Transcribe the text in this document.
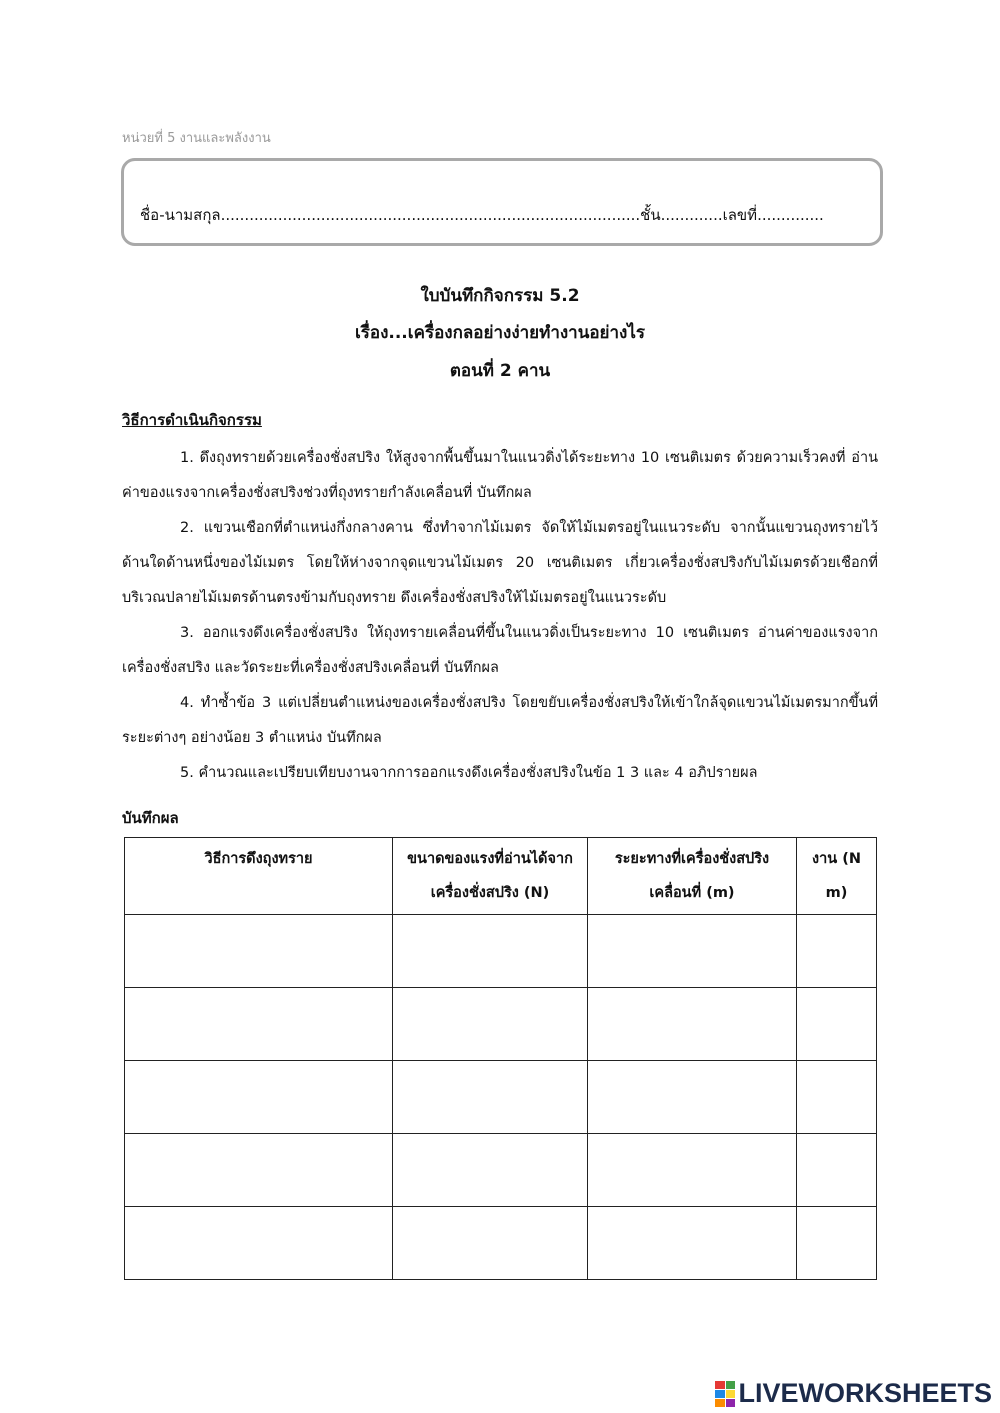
หน่วยที่ 5 งานและพลังงาน
ชื่อ-นามสกุล........................................................................................ชั้น.............เลขที่..............
ใบบันทึกกิจกรรม 5.2
เรื่อง...เครื่องกลอย่างง่ายทำงานอย่างไร
ตอนที่ 2 คาน
วิธีการดำเนินกิจกรรม

1. ดึงถุงทรายด้วยเครื่องชั่งสปริง ให้สูงจากพื้นขึ้นมาในแนวดิ่งได้ระยะทาง 10 เซนติเมตร ด้วยความเร็วคงที่ อ่านค่าของแรงจากเครื่องชั่งสปริงช่วงที่ถุงทรายกำลังเคลื่อนที่ บันทึกผล

2. แขวนเชือกที่ตำแหน่งกึ่งกลางคาน ซึ่งทำจากไม้เมตร จัดให้ไม้เมตรอยู่ในแนวระดับ จากนั้นแขวนถุงทรายไว้ด้านใดด้านหนึ่งของไม้เมตร โดยให้ห่างจากจุดแขวนไม้เมตร 20 เซนติเมตร เกี่ยวเครื่องชั่งสปริงกับไม้เมตรด้วยเชือกที่บริเวณปลายไม้เมตรด้านตรงข้ามกับถุงทราย ดึงเครื่องชั่งสปริงให้ไม้เมตรอยู่ในแนวระดับ

3. ออกแรงดึงเครื่องชั่งสปริง ให้ถุงทรายเคลื่อนที่ขึ้นในแนวดิ่งเป็นระยะทาง 10 เซนติเมตร อ่านค่าของแรงจากเครื่องชั่งสปริง และวัดระยะที่เครื่องชั่งสปริงเคลื่อนที่ บันทึกผล

4. ทำซ้ำข้อ 3 แต่เปลี่ยนตำแหน่งของเครื่องชั่งสปริง โดยขยับเครื่องชั่งสปริงให้เข้าใกล้จุดแขวนไม้เมตรมากขึ้นที่ระยะต่างๆ อย่างน้อย 3 ตำแหน่ง บันทึกผล

5. คำนวณและเปรียบเทียบงานจากการออกแรงดึงเครื่องชั่งสปริงในข้อ 1 3 และ 4 อภิปรายผล

บันทึกผล
วิธีการดึงถุงทราย	ขนาดของแรงที่อ่านได้จากเครื่องชั่งสปริง (N)	ระยะทางที่เครื่องชั่งสปริงเคลื่อนที่ (m)	งาน (N m)

LIVEWORKSHEETS
